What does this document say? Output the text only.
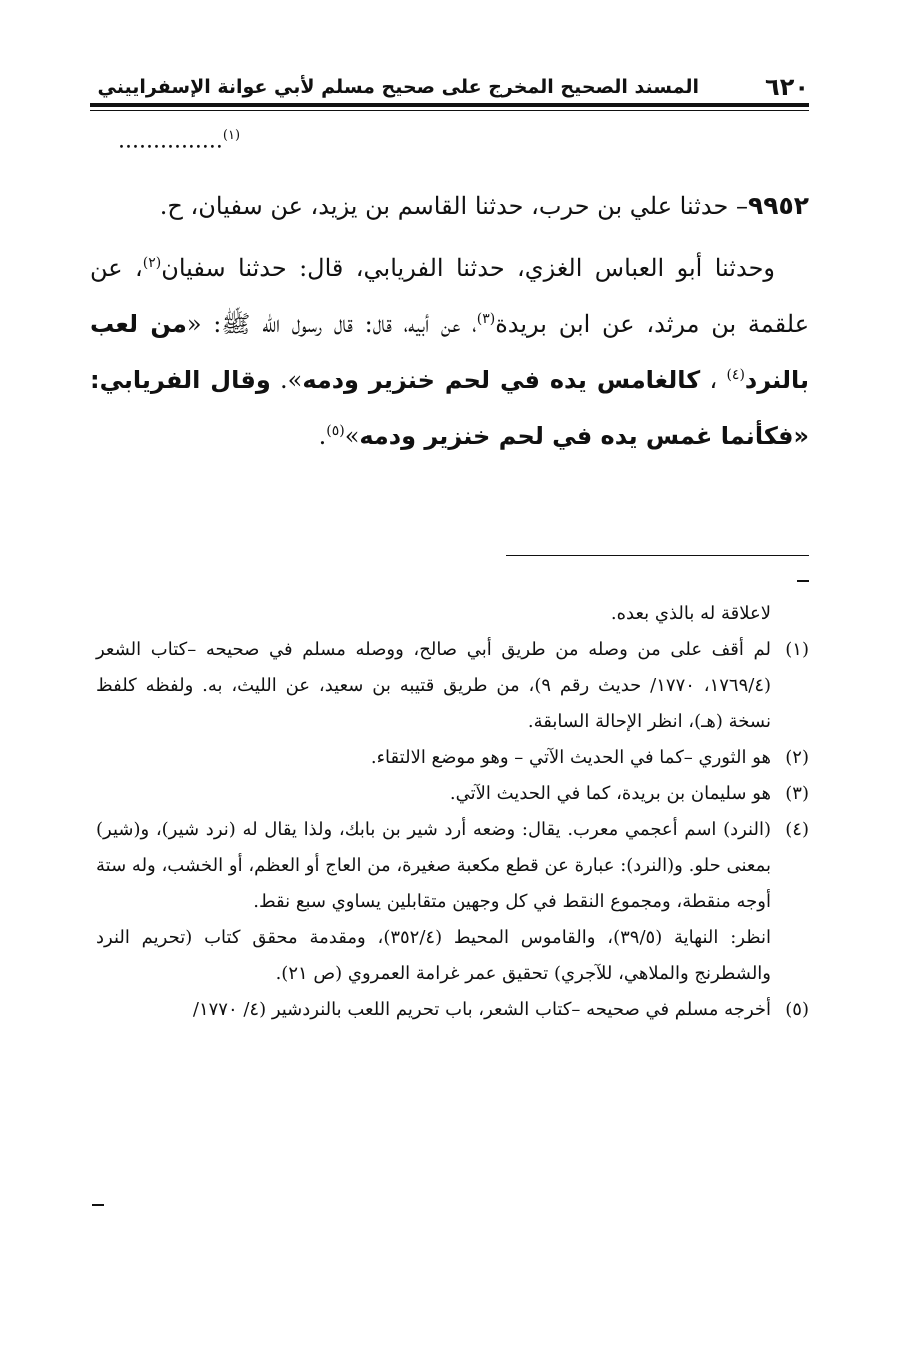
٦٢٠
المسند الصحيح المخرج على صحيح مسلم لأبي عوانة الإسفراييني
...............$^{(١)}$

٩٩٥٢– حدثنا علي بن حرب، حدثنا القاسم بن يزيد، عن سفيان، ح.

وحدثنا أبو العباس الغزي، حدثنا الفريابي، قال: حدثنا سفيان$^{(٢)}$، عن علقمة بن مرثد، عن ابن بريدة$^{(٣)}$، عن أبيه، قال: قال رسول الله ﷺ: «من لعب بالنرد$^{(٤)}$ ، كالغامس يده في لحم خنزير ودمه». وقال الفريابي: «فكأنما غمس يده في لحم خنزير ودمه»$^{(٥)}$.

لاعلاقة له بالذي بعده.

(١)
لم أقف على من وصله من طريق أبي صالح، ووصله مسلم في صحيحه –كتاب الشعر (١٧٦٩/٤، ١٧٧٠/ حديث رقم ٩)، من طريق قتيبه بن سعيد، عن الليث، به. ولفظه كلفظ نسخة (هـ)، انظر الإحالة السابقة.

(٢)
هو الثوري –كما في الحديث الآتي – وهو موضع الالتقاء.

(٣)
هو سليمان بن بريدة، كما في الحديث الآتي.

(٤)
(النرد) اسم أعجمي معرب. يقال: وضعه أرد شير بن بابك، ولذا يقال له (نرد شير)، و(شير) بمعنى حلو. و(النرد): عبارة عن قطع مكعبة صغيرة، من العاج أو العظم، أو الخشب، وله ستة أوجه منقطة، ومجموع النقط في كل وجهين متقابلين يساوي سبع نقط.

انظر: النهاية (٣٩/٥)، والقاموس المحيط (٣٥٢/٤)، ومقدمة محقق كتاب (تحريم النرد والشطرنج والملاهي، للآجري) تحقيق عمر غرامة العمروي (ص ٢١).

(٥)
أخرجه مسلم في صحيحه –كتاب الشعر، باب تحريم اللعب بالنردشير (٤/ ١٧٧٠/
